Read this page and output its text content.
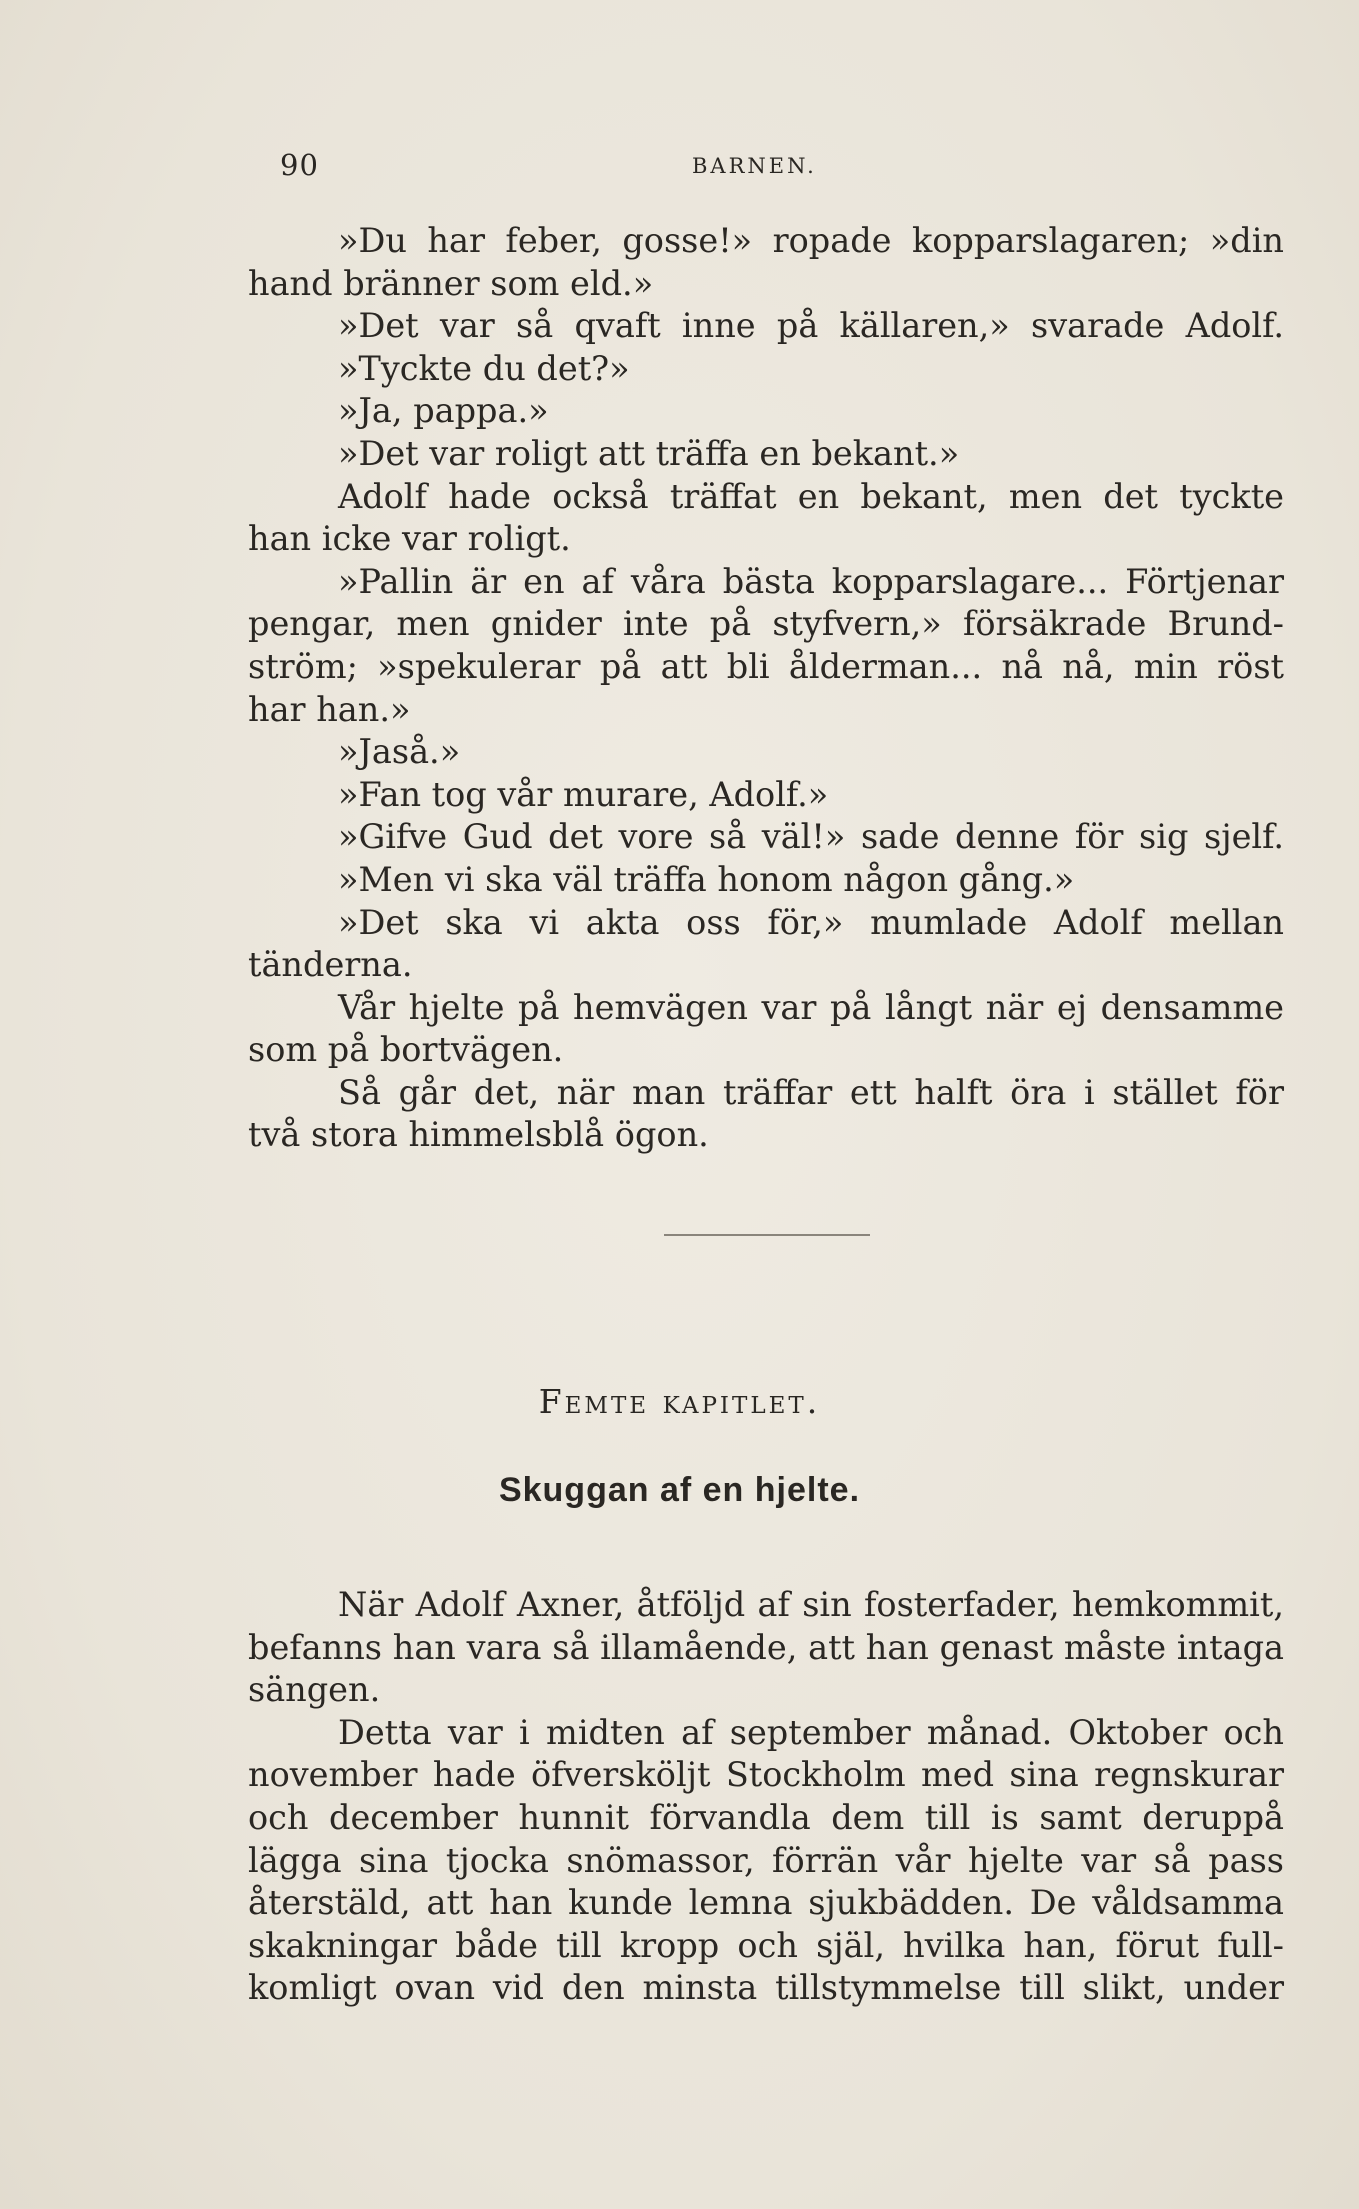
90	BARNEN.
»Du har feber, gosse!» ropade kopparslagaren; »din
hand bränner som eld.»
»Det var så qvaft inne på källaren,» svarade Adolf.
»Tyckte du det?»
»Ja, pappa.»
»Det var roligt att träffa en bekant.»
Adolf hade också träffat en bekant, men det tyckte
han icke var roligt.
»Pallin är en af våra bästa kopparslagare... Förtjenar
pengar, men gnider inte på styfvern,» försäkrade Brund-
ström; »spekulerar på att bli ålderman... nå nå, min röst
har han.»
»Jaså.»
»Fan tog vår murare, Adolf.»
»Gifve Gud det vore så väl!» sade denne för sig sjelf.
»Men vi ska väl träffa honom någon gång.»
»Det ska vi akta oss för,» mumlade Adolf mellan
tänderna.
Vår hjelte på hemvägen var på långt när ej densamme
som på bortvägen.
Så går det, när man träffar ett halft öra i stället för
två stora himmelsblå ögon.
Femte kapitlet.
Skuggan af en hjelte.
När Adolf Axner, åtföljd af sin fosterfader, hemkommit,
befanns han vara så illamående, att han genast måste intaga
sängen.
Detta var i midten af september månad. Oktober och
november hade öfversköljt Stockholm med sina regnskurar
och december hunnit förvandla dem till is samt deruppå
lägga sina tjocka snömassor, förrän vår hjelte var så pass
återstäld, att han kunde lemna sjukbädden. De våldsamma
skakningar både till kropp och själ, hvilka han, förut full-
komligt ovan vid den minsta tillstymmelse till slikt, under
